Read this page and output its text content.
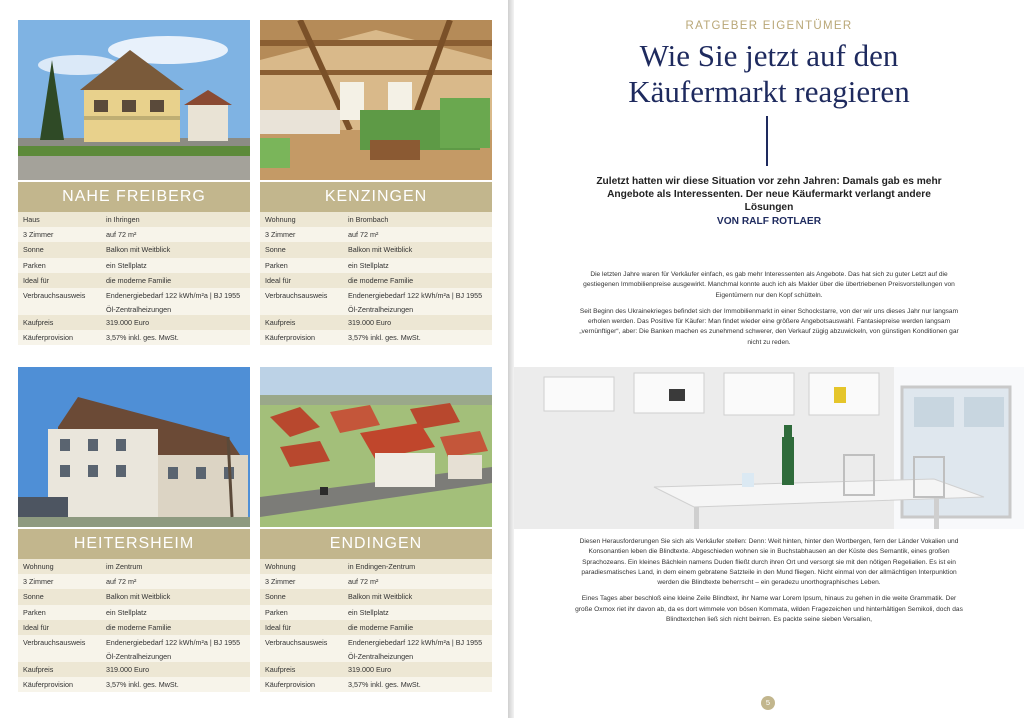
NAHE FREIBERG
Haus	in Ihringen
3 Zimmer	auf 72 m²
Sonne	Balkon mit Weitblick
Parken	ein Stellplatz
Ideal für	die moderne Familie
Verbrauchsausweis	Endenergiebedarf 122 kWh/m²a | BJ 1955
Öl-Zentralheizungen
Kaufpreis	319.000 Euro
Käuferprovision	3,57% inkl. ges. MwSt.
KENZINGEN
Wohnung	in Brombach
3 Zimmer	auf 72 m²
Sonne	Balkon mit Weitblick
Parken	ein Stellplatz
Ideal für	die moderne Familie
Verbrauchsausweis	Endenergiebedarf 122 kWh/m²a | BJ 1955
Öl-Zentralheizungen
Kaufpreis	319.000 Euro
Käuferprovision	3,57% inkl. ges. MwSt.
HEITERSHEIM
Wohnung	im Zentrum
3 Zimmer	auf 72 m²
Sonne	Balkon mit Weitblick
Parken	ein Stellplatz
Ideal für	die moderne Familie
Verbrauchsausweis	Endenergiebedarf 122 kWh/m²a | BJ 1955
Öl-Zentralheizungen
Kaufpreis	319.000 Euro
Käuferprovision	3,57% inkl. ges. MwSt.
ENDINGEN
Wohnung	in Endingen-Zentrum
3 Zimmer	auf 72 m²
Sonne	Balkon mit Weitblick
Parken	ein Stellplatz
Ideal für	die moderne Familie
Verbrauchsausweis	Endenergiebedarf 122 kWh/m²a | BJ 1955
Öl-Zentralheizungen
Kaufpreis	319.000 Euro
Käuferprovision	3,57% inkl. ges. MwSt.
RATGEBER EIGENTÜMER
Wie Sie jetzt auf den
Käufermarkt reagieren
Zuletzt hatten wir diese Situation vor zehn Jahren: Damals gab es mehr Angebote als Interessenten. Der neue Käufermarkt verlangt andere Lösungen
VON RALF ROTLAER

Die letzten Jahre waren für Verkäufer einfach, es gab mehr Interessenten als Angebote. Das hat sich zu guter Letzt auf die gestiegenen Immobilienpreise ausgewirkt. Manchmal konnte auch ich als Makler über die übertriebenen Preisvorstellungen von Eigentümern nur den Kopf schütteln.

Seit Beginn des Ukrainekrieges befindet sich der Immobilienmarkt in einer Schockstarre, von der wir uns dieses Jahr nur langsam erholen werden. Das Positive für Käufer: Man findet wieder eine größere Angebotsauswahl. Fantasiepreise werden langsam „vernünftiger“, aber: Die Banken machen es zunehmend schwerer, den Verkauf zügig abzuwickeln, von günstigen Konditionen gar nicht zu reden.

Diesen Herausforderungen Sie sich als Verkäufer stellen: Denn: Weit hinten, hinter den Wortbergen, fern der Länder Vokalien und Konsonantien leben die Blindtexte. Abgeschieden wohnen sie in Buchstabhausen an der Küste des Semantik, eines großen Sprachozeans. Ein kleines Bächlein namens Duden fließt durch ihren Ort und versorgt sie mit den nötigen Regelialien. Es ist ein paradiesmatisches Land, in dem einem gebratene Satzteile in den Mund fliegen. Nicht einmal von der allmächtigen Interpunktion werden die Blindtexte beherrscht – ein geradezu unorthographisches Leben.

Eines Tages aber beschloß eine kleine Zeile Blindtext, ihr Name war Lorem Ipsum, hinaus zu gehen in die weite Grammatik. Der große Oxmox riet ihr davon ab, da es dort wimmele von bösen Kommata, wilden Fragezeichen und hinterhältigen Semikoli, doch das Blindtextchen ließ sich nicht beirren. Es packte seine sieben Versalien,

5
